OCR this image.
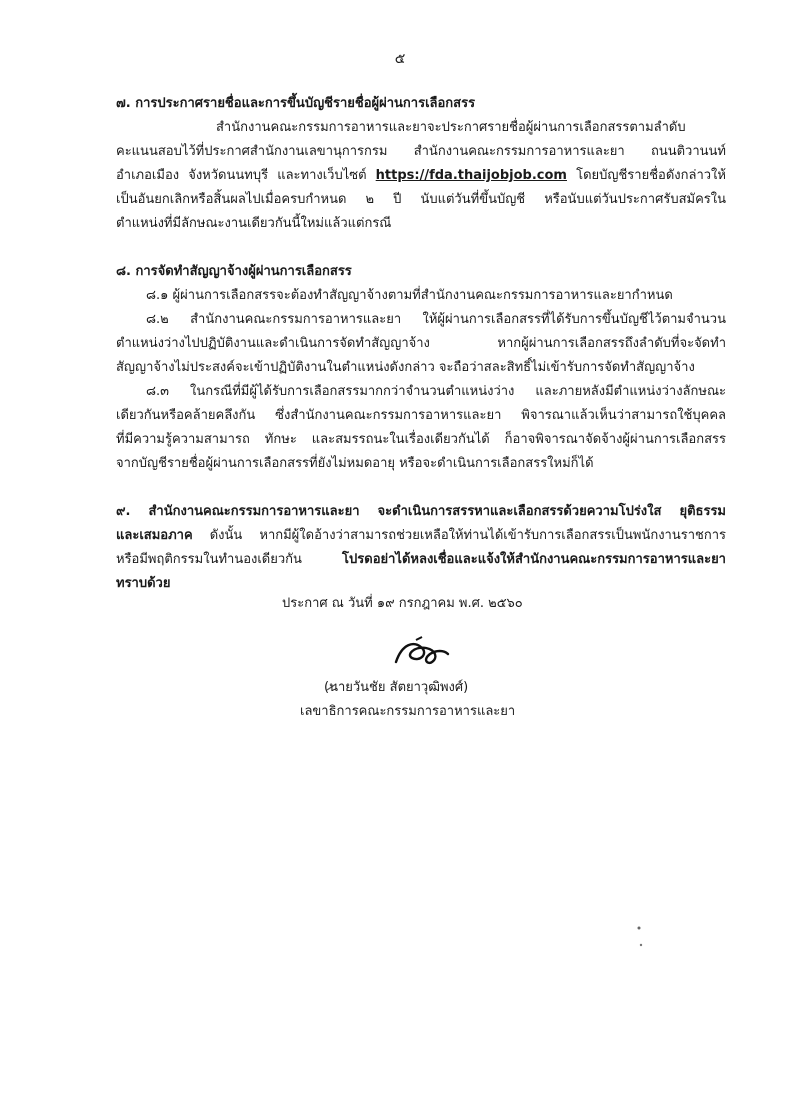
๕
๗. การประกาศรายชื่อและการขึ้นบัญชีรายชื่อผู้ผ่านการเลือกสรร
สำนักงานคณะกรรมการอาหารและยาจะประกาศรายชื่อผู้ผ่านการเลือกสรรตามลำดับ
คะแนนสอบไว้ที่ประกาศสำนักงานเลขานุการกรม สำนักงานคณะกรรมการอาหารและยา ถนนติวานนท์
อำเภอเมือง จังหวัดนนทบุรี และทางเว็บไซต์ https://fda.thaijobjob.com โดยบัญชีรายชื่อดังกล่าวให้
เป็นอันยกเลิกหรือสิ้นผลไปเมื่อครบกำหนด ๒ ปี นับแต่วันที่ขึ้นบัญชี หรือนับแต่วันประกาศรับสมัครใน
ตำแหน่งที่มีลักษณะงานเดียวกันนี้ใหม่แล้วแต่กรณี
๘. การจัดทำสัญญาจ้างผู้ผ่านการเลือกสรร
๘.๑ ผู้ผ่านการเลือกสรรจะต้องทำสัญญาจ้างตามที่สำนักงานคณะกรรมการอาหารและยากำหนด
๘.๒ สำนักงานคณะกรรมการอาหารและยา ให้ผู้ผ่านการเลือกสรรที่ได้รับการขึ้นบัญชีไว้ตามจำนวน
ตำแหน่งว่างไปปฏิบัติงานและดำเนินการจัดทำสัญญาจ้าง หากผู้ผ่านการเลือกสรรถึงลำดับที่จะจัดทำ
สัญญาจ้างไม่ประสงค์จะเข้าปฏิบัติงานในตำแหน่งดังกล่าว จะถือว่าสละสิทธิ์ไม่เข้ารับการจัดทำสัญญาจ้าง
๘.๓ ในกรณีที่มีผู้ได้รับการเลือกสรรมากกว่าจำนวนตำแหน่งว่าง และภายหลังมีตำแหน่งว่างลักษณะ
เดียวกันหรือคล้ายคลึงกัน ซึ่งสำนักงานคณะกรรมการอาหารและยา พิจารณาแล้วเห็นว่าสามารถใช้บุคคล
ที่มีความรู้ความสามารถ ทักษะ และสมรรถนะในเรื่องเดียวกันได้ ก็อาจพิจารณาจัดจ้างผู้ผ่านการเลือกสรร
จากบัญชีรายชื่อผู้ผ่านการเลือกสรรที่ยังไม่หมดอายุ หรือจะดำเนินการเลือกสรรใหม่ก็ได้
๙. สำนักงานคณะกรรมการอาหารและยา จะดำเนินการสรรหาและเลือกสรรด้วยความโปร่งใส ยุติธรรม
และเสมอภาค ดังนั้น หากมีผู้ใดอ้างว่าสามารถช่วยเหลือให้ท่านได้เข้ารับการเลือกสรรเป็นพนักงานราชการ
หรือมีพฤติกรรมในทำนองเดียวกัน	โปรดอย่าได้หลงเชื่อและแจ้งให้สำนักงานคณะกรรมการอาหารและยา
ทราบด้วย
ประกาศ ณ วันที่ ๑๙ กรกฎาคม พ.ศ. ๒๕๖๐
(นายวันชัย สัตยาวุฒิพงศ์)
เลขาธิการคณะกรรมการอาหารและยา
